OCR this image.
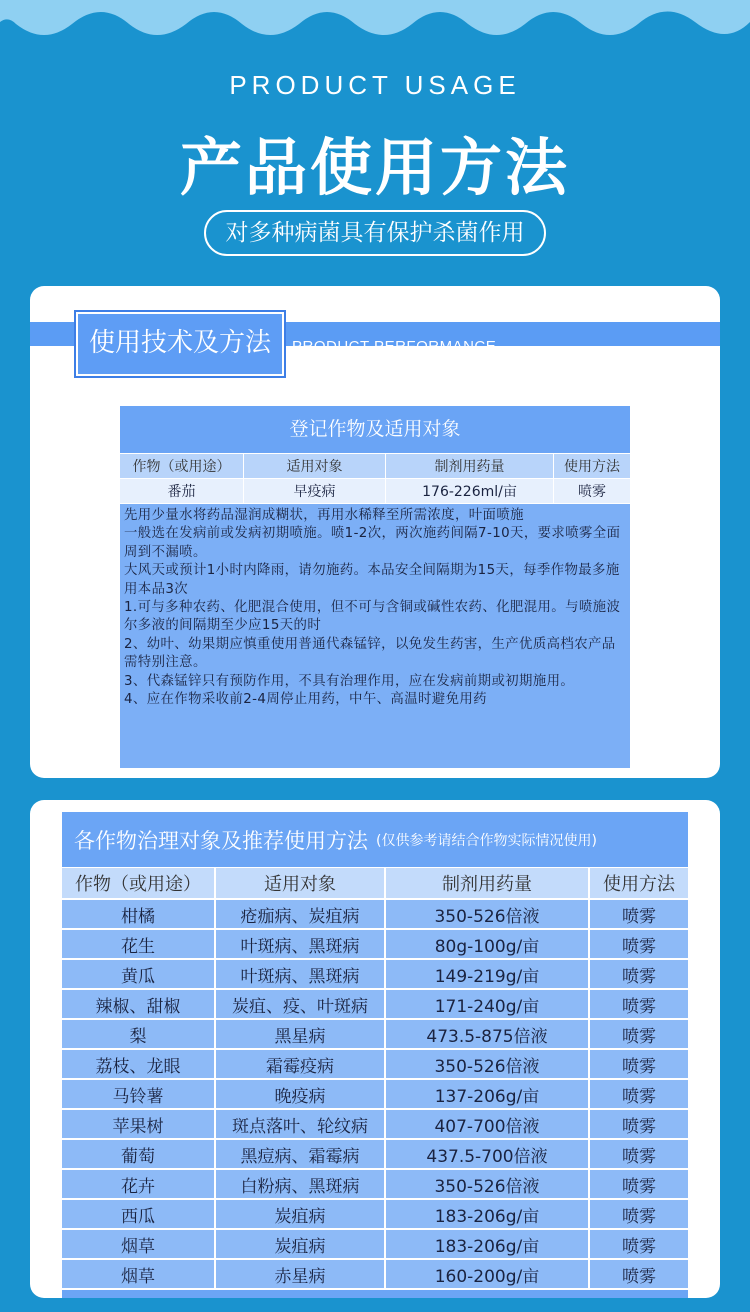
PRODUCT USAGE
产品使用方法
对多种病菌具有保护杀菌作用
使用技术及方法	PRODUCT PERFORMANCE
登记作物及适用对象
作物（或用途）	适用对象	制剂用药量	使用方法
番茄	早疫病	176-226ml/亩	喷雾
先用少量水将药品湿润成糊状，再用水稀释至所需浓度，叶面喷施
一般选在发病前或发病初期喷施。喷1-2次，两次施药间隔7-10天，要求喷雾全面周到不漏喷。
大风天或预计1小时内降雨，请勿施药。本品安全间隔期为15天，每季作物最多施用本品3次
1.可与多种农药、化肥混合使用，但不可与含铜或碱性农药、化肥混用。与喷施波尔多液的间隔期至少应15天的时
2、幼叶、幼果期应慎重使用普通代森锰锌，以免发生药害，生产优质高档农产品需特别注意。
3、代森锰锌只有预防作用，不具有治理作用，应在发病前期或初期施用。
4、应在作物采收前2-4周停止用药，中午、高温时避免用药
各作物治理对象及推荐使用方法 (仅供参考请结合作物实际情况使用)
作物（或用途）	适用对象	制剂用药量	使用方法
柑橘	疮痂病、炭疽病	350-526倍液	喷雾
花生	叶斑病、黑斑病	80g-100g/亩	喷雾
黄瓜	叶斑病、黑斑病	149-219g/亩	喷雾
辣椒、甜椒	炭疽、疫、叶斑病	171-240g/亩	喷雾
梨	黑星病	473.5-875倍液	喷雾
荔枝、龙眼	霜霉疫病	350-526倍液	喷雾
马铃薯	晚疫病	137-206g/亩	喷雾
苹果树	斑点落叶、轮纹病	407-700倍液	喷雾
葡萄	黑痘病、霜霉病	437.5-700倍液	喷雾
花卉	白粉病、黑斑病	350-526倍液	喷雾
西瓜	炭疽病	183-206g/亩	喷雾
烟草	炭疽病	183-206g/亩	喷雾
烟草	赤星病	160-200g/亩	喷雾
